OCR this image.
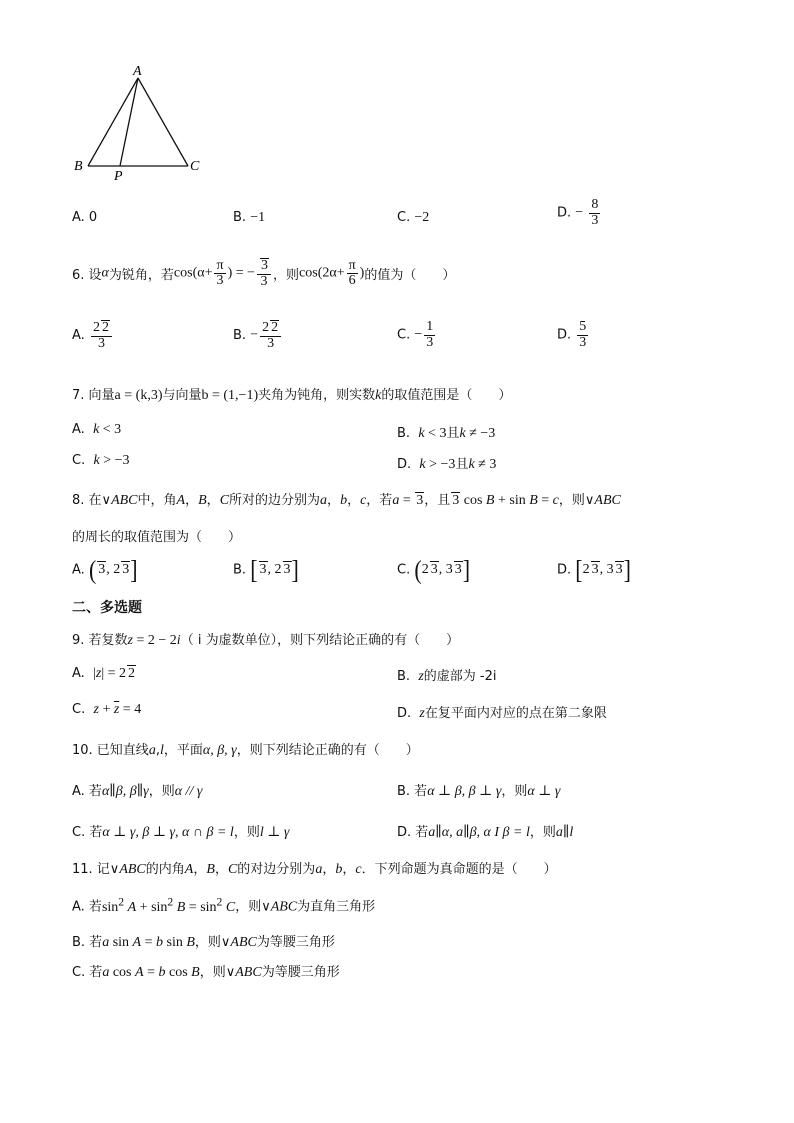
A
B	C
P
A. 0	B. −1	C. −2	D. − $\frac{8}{3}$
6. 设α为锐角，若$\cos(\alpha+ \frac{\pi}{3}$ ) = − $\frac{3}{3}$ ，则$\cos(2\alpha+ \frac{\pi}{6}$ )的值为（　　）
A. $\frac{2 2}{3}$	B. − $\frac{2 2}{3}$	C. − $\frac{1}{3}$	D. $\frac{5}{3}$
7. 向量a = (k,3)与向量b = (1,−1)夹角为钝角，则实数k的取值范围是（　　）
A. k < 3	B. k < 3且k ≠ −3
C. k > −3	D. k > −3且k ≠ 3
8. 在∨ABC中，角A，B，C所对的边分别为a，b，c，若a = 3，且 3 cos B + sin B = c，则∨ABC
的周长的取值范围为（　　）
A. ( 3, 2 3]	B. [ 3, 2 3]	C. (2 3, 3 3]	D. [2 3, 3 3]
二、多选题
9. 若复数z = 2 − 2i（ i 为虚数单位），则下列结论正确的有（　　）
A. |z| = 2 2	B. z的虚部为 -2i
C. $z + \overline{z} = 4$	D. z在复平面内对应的点在第二象限
10. 已知直线a,l，平面α, β, γ，则下列结论正确的有（　　）
A. 若α∥β, β∥γ，则α // γ	B. 若α ⊥ β, β ⊥ γ，则α ⊥ γ
C. 若α ⊥ γ, β ⊥ γ, α ∩ β = l，则l ⊥ γ	D. 若a∥α, a∥β, α I β = l，则a∥l
11. 记∨ABC的内角A，B，C的对边分别为a，b，c．下列命题为真命题的是（　　）
A. 若$\sin^2 A + \sin^2 B = \sin^2 C$，则∨ABC为直角三角形
B. 若a sin A = b sin B，则∨ABC为等腰三角形
C. 若a cos A = b cos B，则∨ABC为等腰三角形
